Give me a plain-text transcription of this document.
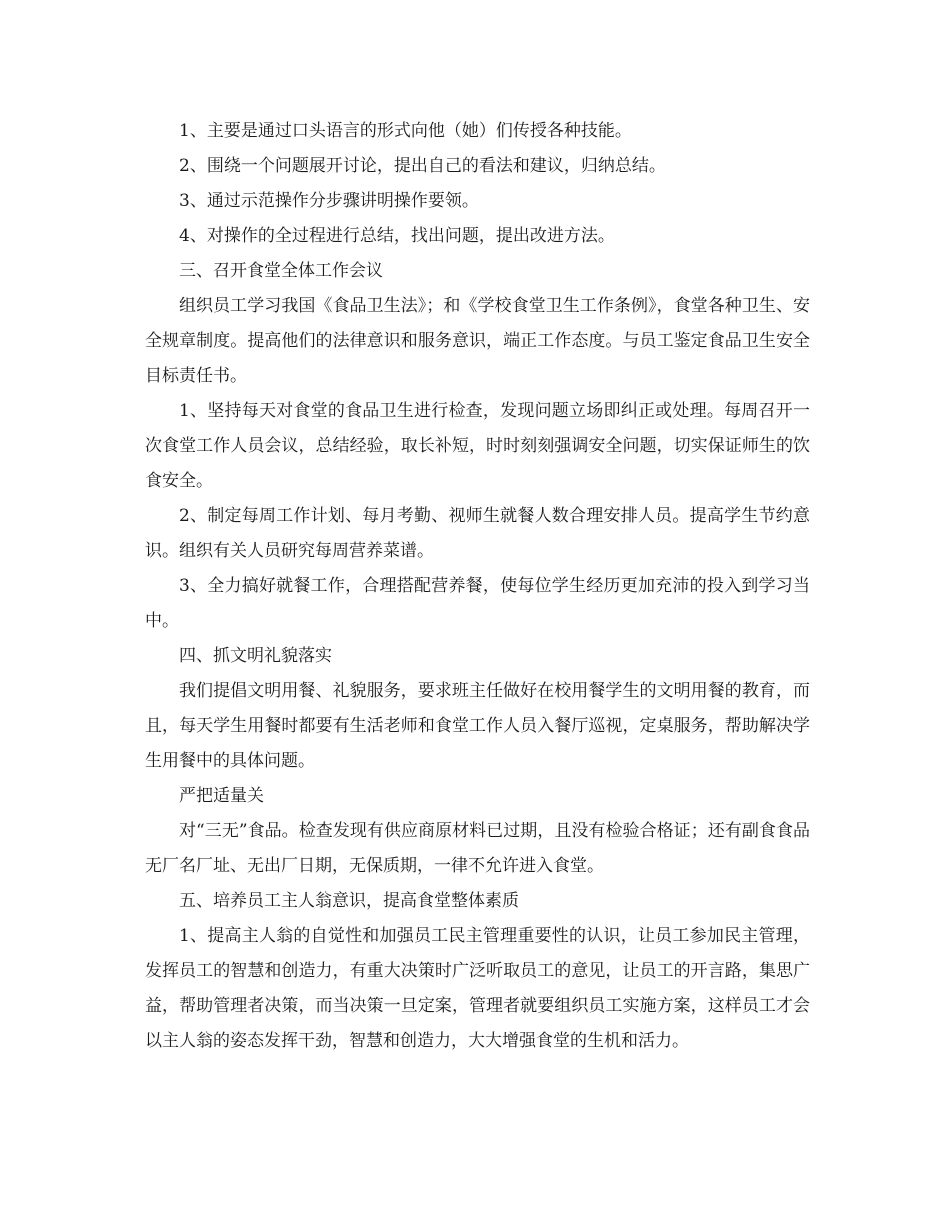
1、主要是通过口头语言的形式向他（她）们传授各种技能。

2、围绕一个问题展开讨论，提出自己的看法和建议，归纳总结。

3、通过示范操作分步骤讲明操作要领。

4、对操作的全过程进行总结，找出问题，提出改进方法。

三、召开食堂全体工作会议

组织员工学习我国《食品卫生法》；和《学校食堂卫生工作条例》，食堂各种卫生、安全规章制度。提高他们的法律意识和服务意识，端正工作态度。与员工鉴定食品卫生安全目标责任书。

1、坚持每天对食堂的食品卫生进行检查，发现问题立场即纠正或处理。每周召开一次食堂工作人员会议，总结经验，取长补短，时时刻刻强调安全问题，切实保证师生的饮食安全。

2、制定每周工作计划、每月考勤、视师生就餐人数合理安排人员。提高学生节约意识。组织有关人员研究每周营养菜谱。

3、全力搞好就餐工作，合理搭配营养餐，使每位学生经历更加充沛的投入到学习当中。

四、抓文明礼貌落实

我们提倡文明用餐、礼貌服务，要求班主任做好在校用餐学生的文明用餐的教育，而且，每天学生用餐时都要有生活老师和食堂工作人员入餐厅巡视，定桌服务，帮助解决学生用餐中的具体问题。

严把适量关

对“三无”食品。检查发现有供应商原材料已过期，且没有检验合格证；还有副食食品无厂名厂址、无出厂日期，无保质期，一律不允许进入食堂。

五、培养员工主人翁意识，提高食堂整体素质

1、提高主人翁的自觉性和加强员工民主管理重要性的认识，让员工参加民主管理，发挥员工的智慧和创造力，有重大决策时广泛听取员工的意见，让员工的开言路，集思广益，帮助管理者决策，而当决策一旦定案，管理者就要组织员工实施方案，这样员工才会以主人翁的姿态发挥干劲，智慧和创造力，大大增强食堂的生机和活力。
